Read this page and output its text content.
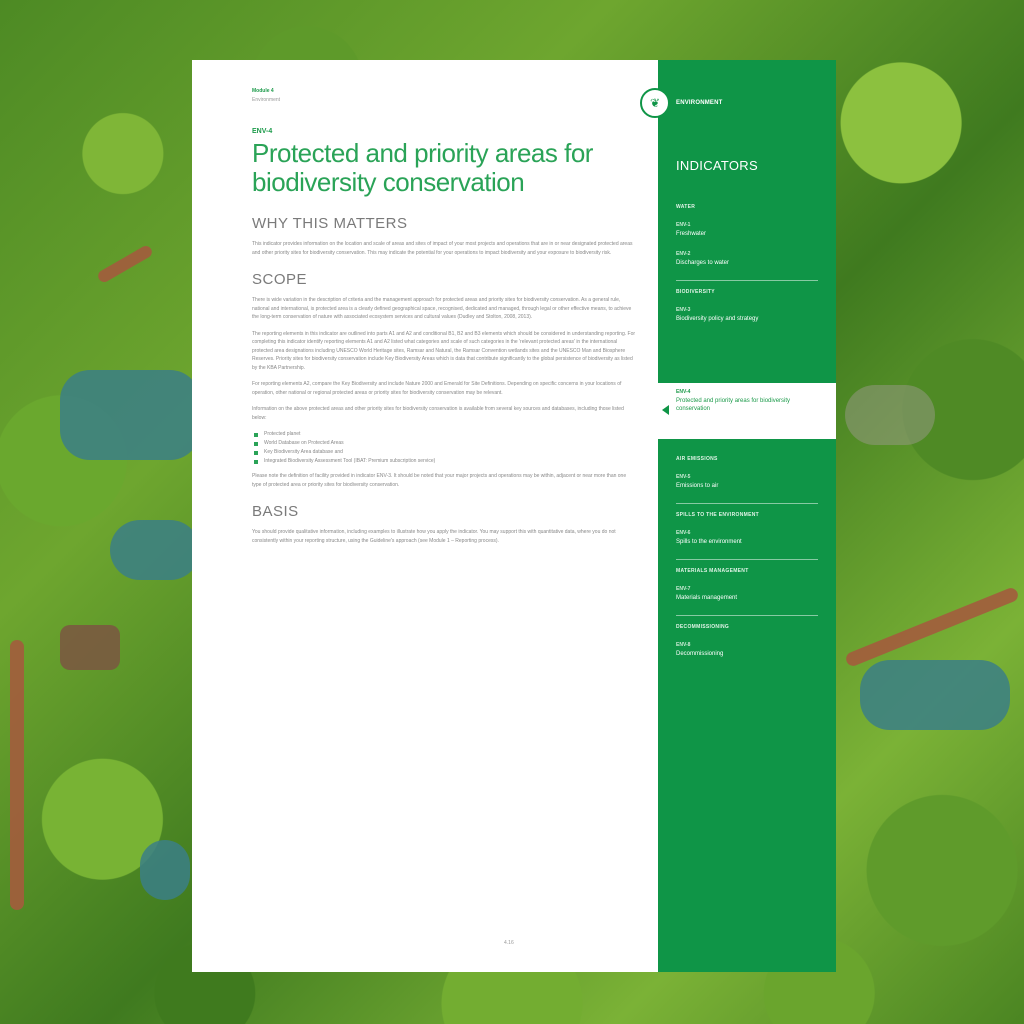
Module 4

Environment

ENV-4

Protected and priority areas for biodiversity conservation
WHY THIS MATTERS

This indicator provides information on the location and scale of areas and sites of impact of your most projects and operations that are in or near designated protected areas and other priority sites for biodiversity conservation. This may indicate the potential for your operations to impact biodiversity and your exposure to biodiversity risk.

SCOPE

There is wide variation in the description of criteria and the management approach for protected areas and priority sites for biodiversity conservation. As a general rule, national and international, is protected area is a clearly defined geographical space, recognised, dedicated and managed, through legal or other effective means, to achieve the long-term conservation of nature with associated ecosystem services and cultural values (Dudley and Stolton, 2008, 2013).

The reporting elements in this indicator are outlined into parts A1 and A2 and conditional B1, B2 and B3 elements which should be considered in understanding reporting. For completing this indicator identify reporting elements A1 and A2 listed what categories and scale of such categories in the 'relevant protected areas' in the international protected area designations including UNESCO World Heritage sites, Ramsar and Natural, the Ramsar Convention wetlands sites and the UNESCO Man and Biosphere Reserves. Priority sites for biodiversity conservation include Key Biodiversity Areas which is data that contribute significantly to the global persistence of biodiversity as listed by the KBA Partnership.

For reporting elements A2, compare the Key Biodiversity and include Nature 2000 and Emerald for Site Definitions. Depending on specific concerns in your locations of operation, other national or regional protected areas or priority sites for biodiversity conservation may be relevant.

Information on the above protected areas and other priority sites for biodiversity conservation is available from several key sources and databases, including those listed below:

Protected planet
World Database on Protected Areas
Key Biodiversity Area database and
Integrated Biodiversity Assessment Tool (IBAT: Premium subscription service)

Please note the definition of facility provided in indicator ENV-3. It should be noted that your major projects and operations may be within, adjacent or near more than one type of protected area or priority sites for biodiversity conservation.

BASIS

You should provide qualitative information, including examples to illustrate how you apply the indicator. You may support this with quantitative data, where you do not consistently within your reporting structure, using the Guideline's approach (see Module 1 – Reporting process).

4.16
❦	ENVIRONMENT
INDICATORS
WATER
ENV-1
Freshwater
ENV-2
Discharges to water
BIODIVERSITY
ENV-3
Biodiversity policy and strategy
AIR EMISSIONS
ENV-5
Emissions to air
SPILLS TO THE ENVIRONMENT
ENV-6
Spills to the environment
MATERIALS MANAGEMENT
ENV-7
Materials management
DECOMMISSIONING
ENV-8
Decommissioning
ENV-4
Protected and priority areas for biodiversity conservation
